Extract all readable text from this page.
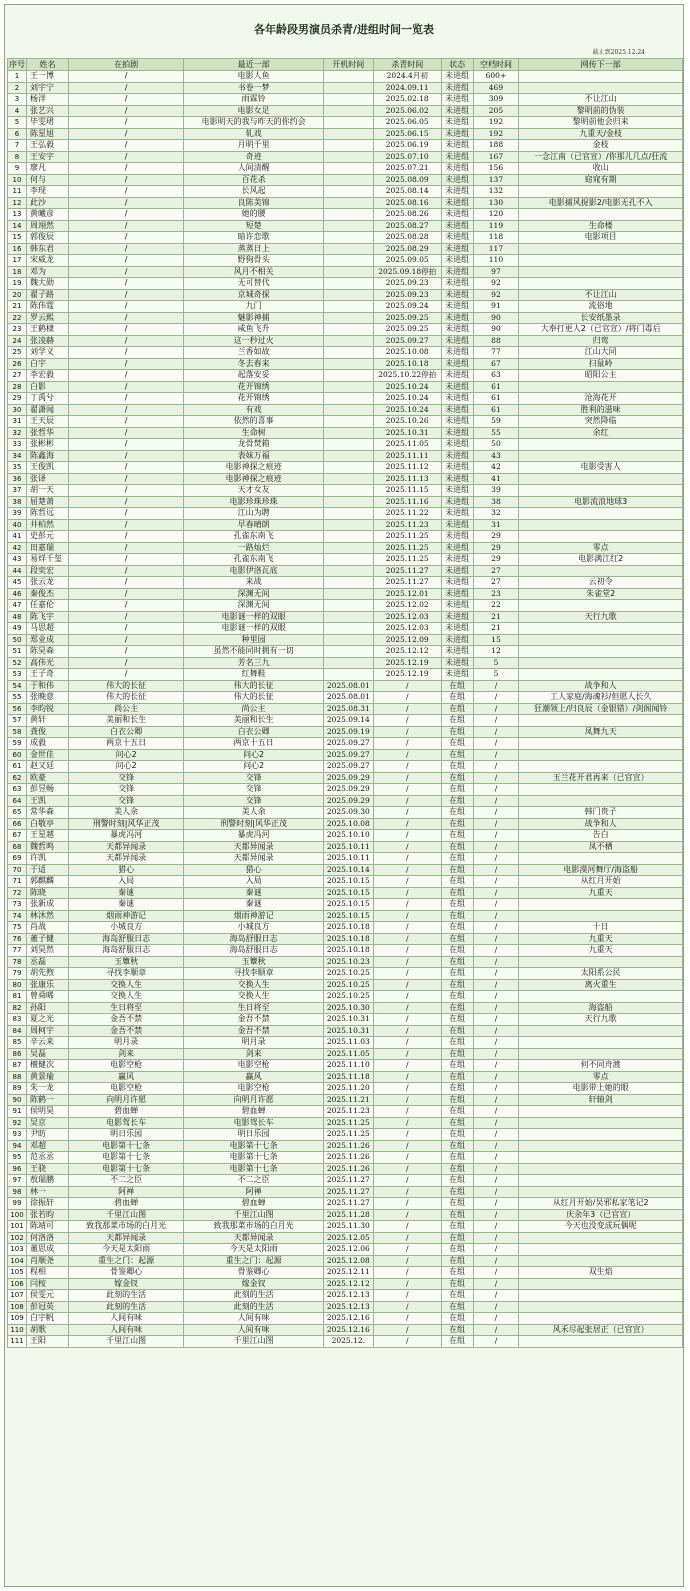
各年龄段男演员杀青/进组时间一览表
截止到2025.12.24
序号	姓名	在拍剧	最近一部	开机时间	杀青时间	状态	空档时间	网传下一部
1	王一博	/	电影人鱼		2024.4月初	未进组	600+	
2	刘宇宁	/	书卷一梦		2024.09.11	未进组	469	
3	杨洋	/	雨霖铃		2025.02.18	未进组	309	不让江山
4	张艺兴	/	电影女足		2025.06.02	未进组	205	黎明前的伪装
5	毕雯珺	/	电影明天的我与昨天的你约会		2025.06.05	未进组	192	黎明前他会归来
6	陈星旭	/	轧戏		2025.06.15	未进组	192	九重天/金枝
7	王弘毅	/	月明千里		2025.06.19	未进组	188	金枝
8	王安宇	/	奇迹		2025.07.10	未进组	167	一念江南（已官宣）/你那儿几点/狂流
9	廖凡	/	人间清醒		2025.07.21	未进组	156	收山
10	何与	/	百花杀		2025.08.09	未进组	137	窈窕有期
11	李现	/	长风起		2025.08.14	未进组	132	
12	此沙	/	良陈美锦		2025.08.16	未进组	130	电影捕风捉影2/电影无孔不入
13	黄曦彦	/	她的腰		2025.08.26	未进组	120	
14	周翊然	/	短楚		2025.08.27	未进组	119	生命楼
15	郭俊辰	/	暗许恋歌		2025.08.28	未进组	118	电影项目
16	韩东君	/	蒸蒸日上		2025.08.29	未进组	117	
17	宋威龙	/	野狗骨头		2025.09.05	未进组	110	
18	邓为	/	风月不相关		2025.09.18停拍	未进组	97	
19	魏大勋	/	无可替代		2025.09.23	未进组	92	
20	翟子路	/	京城奇探		2025.09.23	未进组	92	不让江山
21	陈伟霆	/	九门		2025.09.24	未进组	91	流俗地
22	罗云熙	/	魅影神捕		2025.09.25	未进组	90	长安纸墨录
23	王鹤棣	/	咸鱼飞升		2025.09.25	未进组	90	大奉打更人2（已官宣）/将门毒后
24	张凌赫	/	这一秒过火		2025.09.27	未进组	88	归鸾
25	刘学义	/	兰香如故		2025.10.08	未进组	77	江山大同
26	白宇	/	冬去春来		2025.10.18	未进组	67	扫鼠岭
27	李宏毅	/	起落安妥		2025.10.22停拍	未进组	63	昭阳公主
28	白影	/	花开锦绣		2025.10.24	未进组	61	
29	丁禹兮	/	花开锦绣		2025.10.24	未进组	61	沧海花开
30	翟潇闻	/	有戏		2025.10.24	未进组	61	胜利的滋味
31	王天辰	/	依然的喜事		2025.10.26	未进组	59	突然降临
32	张哲华	/	生命树		2025.10.31	未进组	55	余红
33	张彬彬	/	龙骨焚箱		2025.11.05	未进组	50	
34	陈鑫海	/	表妹万福		2025.11.11	未进组	43	
35	王俊凯	/	电影神探之痕迹		2025.11.12	未进组	42	电影受害人
36	张译	/	电影神探之痕迹		2025.11.13	未进组	41	
37	胡一天	/	天才女友		2025.11.15	未进组	39	
38	屈楚萧	/	电影珍珠珍珠		2025.11.16	未进组	38	电影流浪地球3
39	陈哲远	/	江山为聘		2025.11.22	未进组	32	
40	井柏然	/	早春晴朗		2025.11.23	未进组	31	
41	史彭元	/	孔雀东南飞		2025.11.25	未进组	29	
42	田嘉瑞	/	一路灿烂		2025.11.25	未进组	29	零点
43	易烊千玺	/	孔雀东南飞		2025.11.25	未进组	29	电影满江红2
44	段奕宏	/	电影伊洛瓦底		2025.11.27	未进组	27	
45	张云龙	/	来战		2025.11.27	未进组	27	云初令
46	秦俊杰	/	深渊无间		2025.12.01	未进组	23	朱雀堂2
47	任嘉伦	/	深渊无间		2025.12.02	未进组	22	
48	陈飞宇	/	电影谜一样的双眼		2025.12.03	未进组	21	天行九歌
49	马思超	/	电影谜一样的双眼		2025.12.03	未进组	21	
50	郑业成	/	种里园		2025.12.09	未进组	15	
51	陈昊森	/	虽然不能同时拥有一切		2025.12.12	未进组	12	
52	高伟光	/	芳名三九		2025.12.19	未进组	5	
53	王子奇	/	红舞鞋		2025.12.19	未进组	5	
54	于和伟	伟大的长征	伟大的长征	2025.08.01	/	在组	/	战争和人
55	张晚意	伟大的长征	伟大的长征	2025.08.01	/	在组	/	工人家庭/海魂衫/但愿人长久
56	李昀锐	尚公主	尚公主	2025.08.31	/	在组	/	狂潮领上/归良辰（金银错）/剑阁闻铃
57	黄轩	美丽和长生	美丽和长生	2025.09.14	/	在组	/	
58	龚俊	白衣公卿	白衣公卿	2025.09.19	/	在组	/	凤舞九天
59	成毅	两京十五日	两京十五日	2025.09.27	/	在组	/	
60	金世佳	问心2	问心2	2025.09.27	/	在组	/	
61	赵又廷	问心2	问心2	2025.09.27	/	在组	/	
62	欧豪	交锋	交锋	2025.09.29	/	在组	/	玉兰花开君再来（已官宣）
63	彭昱畅	交锋	交锋	2025.09.29	/	在组	/	
64	王凯	交锋	交锋	2025.09.29	/	在组	/	
65	常华森	美人余	美人余	2025.09.30	/	在组	/	韩门贵子
66	白敬亭	刑警时刻|风华正茂	刑警时刻|风华正茂	2025.10.08	/	在组	/	战争和人
67	王星越	暴虎冯河	暴虎冯河	2025.10.10	/	在组	/	告白
68	魏哲鸣	天都异闻录	天都异闻录	2025.10.11	/	在组	/	凤不栖
69	许凯	天都异闻录	天都异闻录	2025.10.11	/	在组	/	
70	于适	猎心	猎心	2025.10.14	/	在组	/	电影漠河舞厅/海盗船
71	郭麒麟	入局	入局	2025.10.15	/	在组	/	从红月开始
72	陈晓	秦谜	秦谜	2025.10.15	/	在组	/	九重天
73	张新成	秦谜	秦谜	2025.10.15	/	在组	/	
74	林沐然	烟雨神游记	烟雨神游记	2025.10.15	/	在组	/	
75	肖战	小城良方	小城良方	2025.10.18	/	在组	/	十日
76	董子健	海岛舒服日志	海岛舒服日志	2025.10.18	/	在组	/	九重天
77	刘昊然	海岛舒服日志	海岛舒服日志	2025.10.18	/	在组	/	九重天
78	丞磊	玉簟秋	玉簟秋	2025.10.23	/	在组	/	
79	胡先煦	寻找李顺章	寻找李顺章	2025.10.25	/	在组	/	太阳系公民
80	张康乐	交换人生	交换人生	2025.10.25	/	在组	/	离火重生
81	曾舜晞	交换人生	交换人生	2025.10.25	/	在组	/	
82	孙阳	生日将至	生日将至	2025.10.30	/	在组	/	海盗船
83	夏之光	金吾不禁	金吾不禁	2025.10.31	/	在组	/	天行九歌
84	周柯宇	金吾不禁	金吾不禁	2025.10.31	/	在组	/	
85	辛云来	明月录	明月录	2025.11.03	/	在组	/	
86	吴磊	剑来	剑来	2025.11.05	/	在组	/	
87	檀健次	电影空枪	电影空枪	2025.11.10	/	在组	/	何不同舟渡
88	黄景瑜	赢风	赢风	2025.11.18	/	在组	/	零点
89	朱一龙	电影空枪	电影空枪	2025.11.20	/	在组	/	电影带上她的眼
90	陈鹤一	向明月许愿	向明月许愿	2025.11.21	/	在组	/	轩辕剑
91	侯明昊	碧血蝉	碧血蝉	2025.11.23	/	在组	/	
92	吴京	电影驾长车	电影驾长车	2025.11.25	/	在组	/	
93	尹昉	明日乐园	明日乐园	2025.11.25	/	在组	/	
94	邓超	电影第十七条	电影第十七条	2025.11.26	/	在组	/	
95	范丞丞	电影第十七条	电影第十七条	2025.11.26	/	在组	/	
96	王骁	电影第十七条	电影第十七条	2025.11.26	/	在组	/	
97	敖瑞鹏	不二之臣	不二之臣	2025.11.27	/	在组	/	
98	林一	阿禅	阿禅	2025.11.27	/	在组	/	
99	徐振轩	碧血蝉	碧血蝉	2025.11.27	/	在组	/	从红月开始/吴邪私家笔记2
100	张若昀	千里江山图	千里江山图	2025.11.28	/	在组	/	庆余年3（已官宣）
101	陈靖可	致我那菜市场的白月光	致我那菜市场的白月光	2025.11.30	/	在组	/	今天也没变成玩偶呢
102	何洛洛	天都异闻录	天都异闻录	2025.12.05	/	在组	/	
103	董思成	今天是太阳雨	今天是太阳雨	2025.12.06	/	在组	/	
104	肖顺尧	重生之门：起源	重生之门：起源	2025.12.08	/	在组	/	
105	程相	骨鉴卿心	骨鉴卿心	2025.12.11	/	在组	/	双生焰
106	闫桉	嫁金钗	嫁金钗	2025.12.12	/	在组	/	
107	侯雯元	此刻的生活	此刻的生活	2025.12.13	/	在组	/	
108	彭冠英	此刻的生活	此刻的生活	2025.12.13	/	在组	/	
109	白宇帆	人间有味	人间有味	2025.12.16	/	在组	/	
110	胡歌	人间有味	人间有味	2025.12.16	/	在组	/	风禾尽起张居正（已官宣）
111	王阳	千里江山图	千里江山图	2025.12.	/	在组	/	
